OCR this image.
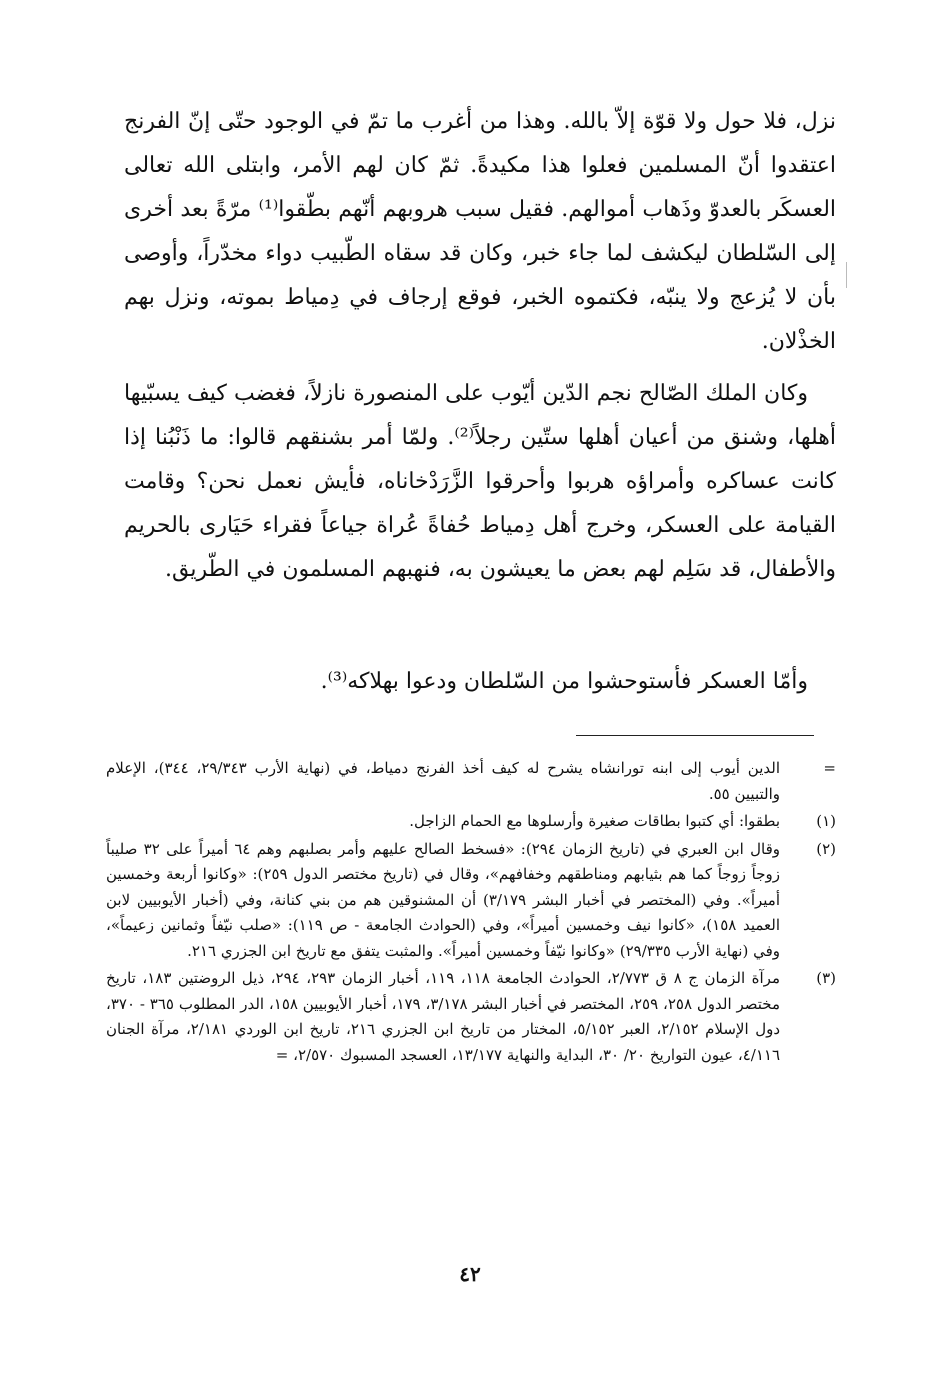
نزل، فلا حول ولا قوّة إلاّ بالله. وهذا من أغرب ما تمّ في الوجود حتّى إنّ الفرنج اعتقدوا أنّ المسلمين فعلوا هذا مكيدةً. ثمّ كان لهم الأمر، وابتلى الله تعالى العسكَر بالعدوّ وذَهاب أموالهم. فقيل سبب هروبهم أنّهم بطّقوا⁽¹⁾ مرّةً بعد أخرى إلى السّلطان ليكشف لما جاء خبر، وكان قد سقاه الطّبيب دواء مخدّراً، وأوصى بأن لا يُزعج ولا ينبّه، فكتموه الخبر، فوقع إرجاف في دِمياط بموته، ونزل بهم الخذْلان.
وكان الملك الصّالح نجم الدّين أيّوب على المنصورة نازلاً، فغضب كيف يسبّيها أهلها، وشنق من أعيان أهلها ستّين رجلاً⁽²⁾. ولمّا أمر بشنقهم قالوا: ما ذَنْبُنا إذا كانت عساكره وأمراؤه هربوا وأحرقوا الزَّرَدْخاناه، فأيش نعمل نحن؟ وقامت القيامة على العسكر، وخرج أهل دِمياط حُفاةً عُراة جياعاً فقراء حَيَارى بالحريم والأطفال، قد سَلِم لهم بعض ما يعيشون به، فنهبهم المسلمون في الطّريق.
وأمّا العسكر فأستوحشوا من السّلطان ودعوا بهلاكه⁽³⁾.
=
الدين أيوب إلى ابنه تورانشاه يشرح له كيف أخذ الفرنج دمياط، في (نهاية الأرب ٢٩/٣٤٣، ٣٤٤)، الإعلام والتبيين ٥٥.
(١)
بطقوا: أي كتبوا بطاقات صغيرة وأرسلوها مع الحمام الزاجل.
(٢)
وقال ابن العبري في (تاريخ الزمان ٢٩٤): «فسخط الصالح عليهم وأمر بصلبهم وهم ٦٤ أميراً على ٣٢ صليباً زوجاً زوجاً كما هم بثيابهم ومناطقهم وخفافهم»، وقال في (تاريخ مختصر الدول ٢٥٩): «وكانوا أربعة وخمسين أميراً». وفي (المختصر في أخبار البشر ٣/١٧٩) أن المشنوقين هم من بني كنانة، وفي (أخبار الأيوبيين لابن العميد ١٥٨)، «كانوا نيف وخمسين أميراً»، وفي (الحوادث الجامعة - ص ١١٩): «صلب نيّفاً وثمانين زعيماً»، وفي (نهاية الأرب ٢٩/٣٣٥) «وكانوا نيّفاً وخمسين أميراً». والمثبت يتفق مع تاريخ ابن الجزري ٢١٦.
(٣)
مرآة الزمان ج ٨ ق ٢/٧٧٣، الحوادث الجامعة ١١٨، ١١٩، أخبار الزمان ٢٩٣، ٢٩٤، ذيل الروضتين ١٨٣، تاريخ مختصر الدول ٢٥٨، ٢٥٩، المختصر في أخبار البشر ٣/١٧٨، ١٧٩، أخبار الأيوبيين ١٥٨، الدر المطلوب ٣٦٥ - ٣٧٠، دول الإسلام ٢/١٥٢، العبر ٥/١٥٢، المختار من تاريخ ابن الجزري ٢١٦، تاريخ ابن الوردي ٢/١٨١، مرآة الجنان ٤/١١٦، عيون التواريخ ٢٠/ ٣٠، البداية والنهاية ١٣/١٧٧، العسجد المسبوك ٢/٥٧٠، =
٤٢
